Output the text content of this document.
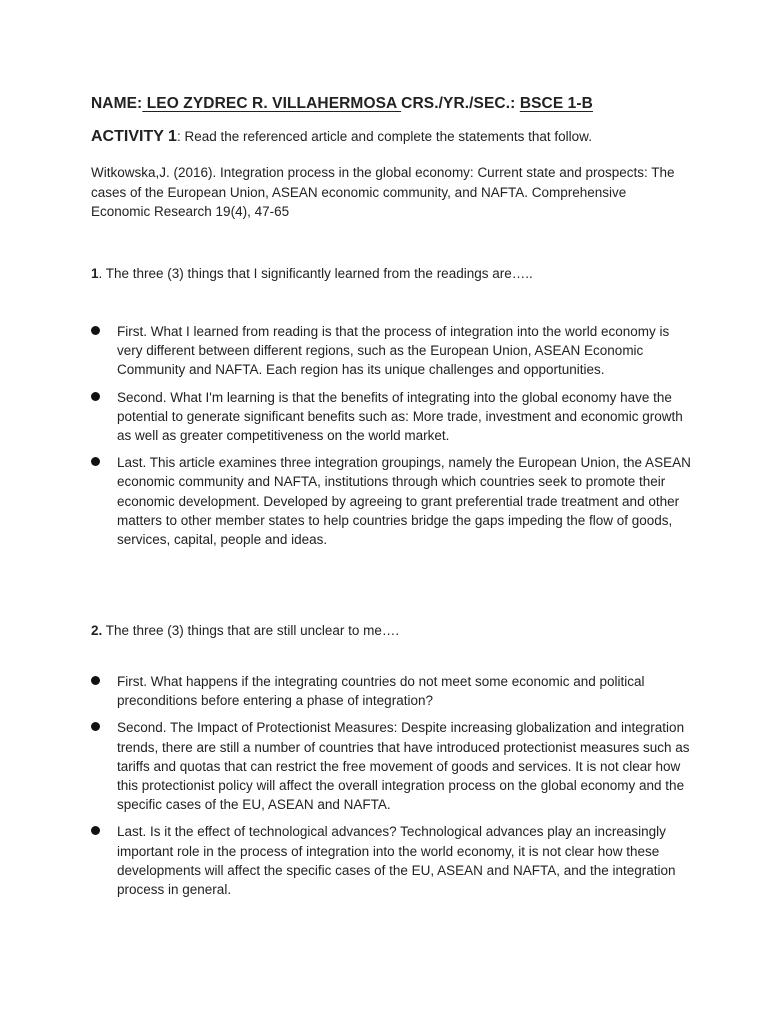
NAME: LEO ZYDREC R. VILLAHERMOSA CRS./YR./SEC.: BSCE 1-B
ACTIVITY 1: Read the referenced article and complete the statements that follow.
Witkowska,J. (2016). Integration process in the global economy: Current state and prospects: The cases of the European Union, ASEAN economic community, and NAFTA. Comprehensive Economic Research 19(4), 47-65
1. The three (3) things that I significantly learned from the readings are…..
First. What I learned from reading is that the process of integration into the world economy is very different between different regions, such as the European Union, ASEAN Economic Community and NAFTA. Each region has its unique challenges and opportunities.
Second. What I'm learning is that the benefits of integrating into the global economy have the potential to generate significant benefits such as: More trade, investment and economic growth as well as greater competitiveness on the world market.
Last. This article examines three integration groupings, namely the European Union, the ASEAN economic community and NAFTA, institutions through which countries seek to promote their economic development. Developed by agreeing to grant preferential trade treatment and other matters to other member states to help countries bridge the gaps impeding the flow of goods, services, capital, people and ideas.
2. The three (3) things that are still unclear to me….
First. What happens if the integrating countries do not meet some economic and political preconditions before entering a phase of integration?
Second. The Impact of Protectionist Measures: Despite increasing globalization and integration trends, there are still a number of countries that have introduced protectionist measures such as tariffs and quotas that can restrict the free movement of goods and services. It is not clear how this protectionist policy will affect the overall integration process on the global economy and the specific cases of the EU, ASEAN and NAFTA.
Last. Is it the effect of technological advances? Technological advances play an increasingly important role in the process of integration into the world economy, it is not clear how these developments will affect the specific cases of the EU, ASEAN and NAFTA, and the integration process in general.
